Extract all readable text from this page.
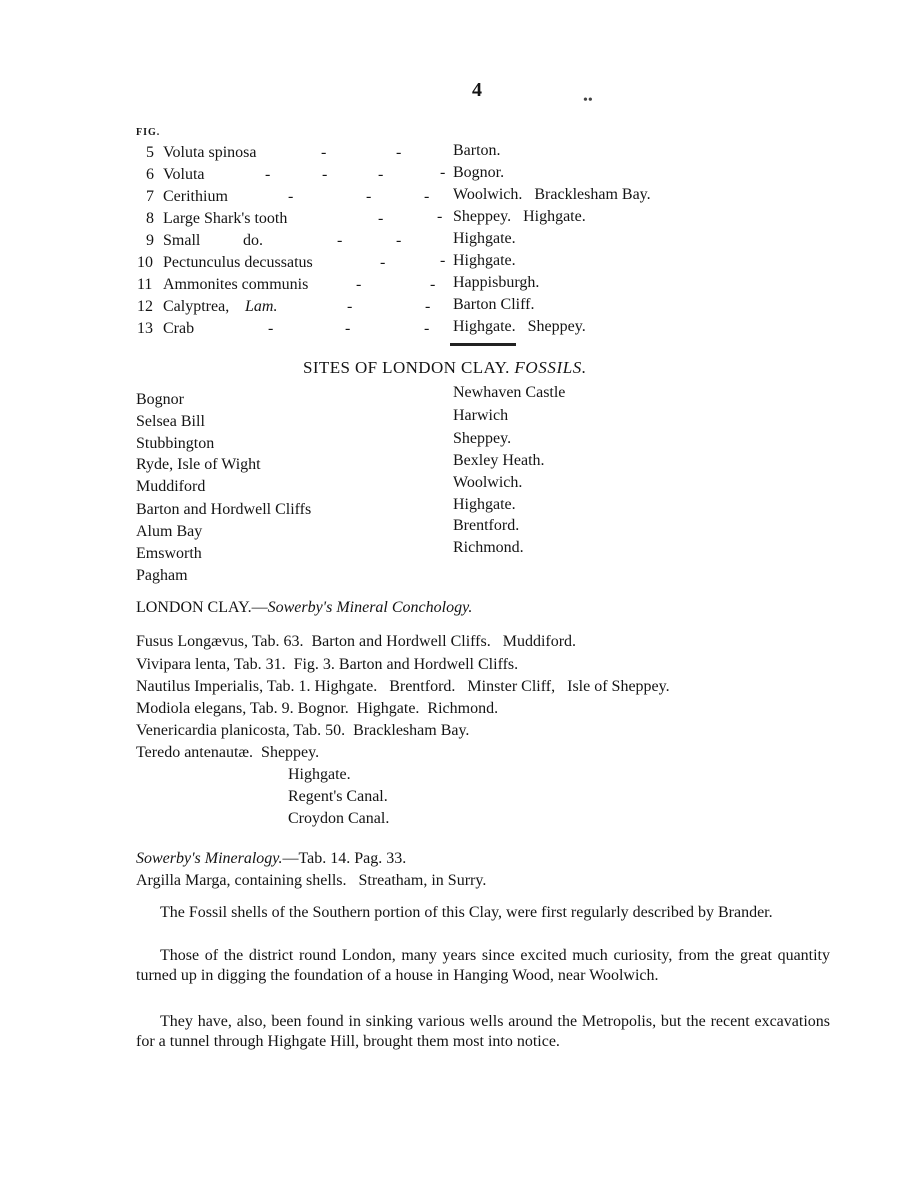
4	••
FIG.
5 Voluta spinosa	-	-	Barton.
6 Voluta	-	-	-	- Bognor.
7 Cerithium	-	-	- Woolwich.   Bracklesham Bay.
8 Large Shark's tooth	-	- Sheppey.   Highgate.
9 Small	do.	-	-	Highgate.
10 Pectunculus decussatus	-	- Highgate.
11 Ammonites communis	-	- Happisburgh.
12 Calyptrea, Lam.	-	- Barton Cliff.
13 Crab	-	-	- Highgate.   Sheppey.
SITES OF LONDON CLAY. FOSSILS.
Bognor
Selsea Bill
Stubbington
Ryde, Isle of Wight
Muddiford
Barton and Hordwell Cliffs
Alum Bay
Emsworth
Pagham
Newhaven Castle
Harwich
Sheppey.
Bexley Heath.
Woolwich.
Highgate.
Brentford.
Richmond.
LONDON CLAY.—Sowerby's Mineral Conchology.
Fusus Longævus, Tab. 63.  Barton and Hordwell Cliffs.   Muddiford.
Vivipara lenta, Tab. 31.  Fig. 3. Barton and Hordwell Cliffs.
Nautilus Imperialis, Tab. 1. Highgate.   Brentford.   Minster Cliff,   Isle of Sheppey.
Modiola elegans, Tab. 9. Bognor.  Highgate.  Richmond.
Venericardia planicosta, Tab. 50.  Bracklesham Bay.
Teredo antenautæ.  Sheppey.
Highgate.
Regent's Canal.
Croydon Canal.
Sowerby's Mineralogy.—Tab. 14. Pag. 33.
Argilla Marga, containing shells.   Streatham, in Surry.
The Fossil shells of the Southern portion of this Clay, were first regularly described by Brander.
Those of the district round London, many years since excited much curiosity, from the great quantity turned up in digging the foundation of a house in Hanging Wood, near Woolwich.
They have, also, been found in sinking various wells around the Metropolis, but the recent excavations for a tunnel through Highgate Hill, brought them most into notice.
